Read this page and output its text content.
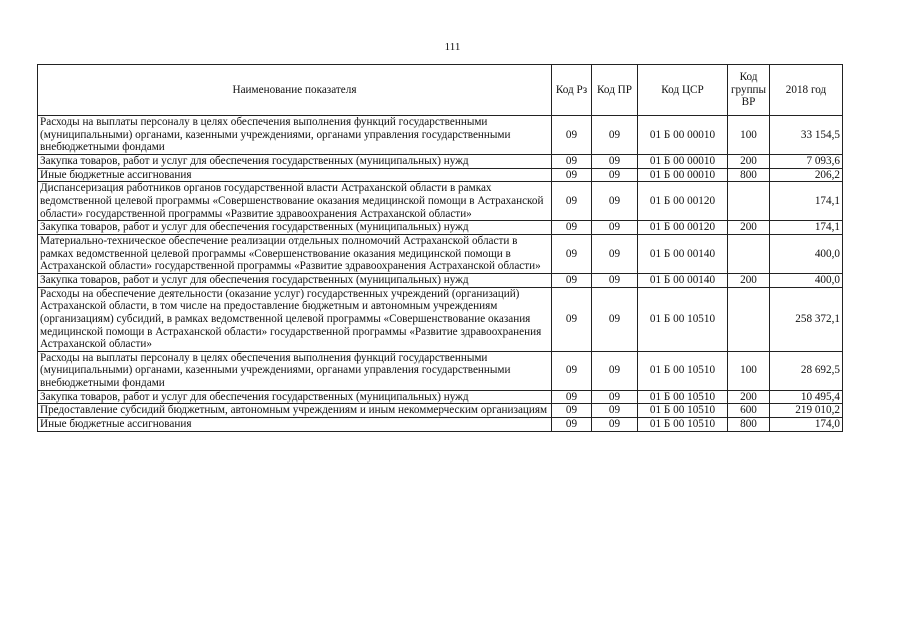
111
Наименование показателя	Код Рз	Код ПР	Код ЦСР	Код группы ВР	2018 год
Расходы на выплаты персоналу в целях обеспечения выполнения функций государственными (муниципальными) органами, казенными учреждениями, органами управления государственными внебюджетными фондами	09	09	01 Б 00 00010	100	33 154,5
Закупка товаров, работ и услуг для обеспечения государственных (муниципальных) нужд	09	09	01 Б 00 00010	200	7 093,6
Иные бюджетные ассигнования	09	09	01 Б 00 00010	800	206,2
Диспансеризация работников органов государственной власти Астраханской области в рамках ведомственной целевой программы «Совершенствование оказания медицинской помощи в Астраханской области» государственной программы «Развитие здравоохранения Астраханской области»	09	09	01 Б 00 00120		174,1
Закупка товаров, работ и услуг для обеспечения государственных (муниципальных) нужд	09	09	01 Б 00 00120	200	174,1
Материально-техническое обеспечение реализации отдельных полномочий Астраханской области в рамках ведомственной целевой программы «Совершенствование оказания медицинской помощи в Астраханской области» государственной программы «Развитие здравоохранения Астраханской области»	09	09	01 Б 00 00140		400,0
Закупка товаров, работ и услуг для обеспечения государственных (муниципальных) нужд	09	09	01 Б 00 00140	200	400,0
Расходы на обеспечение деятельности (оказание услуг) государственных учреждений (организаций) Астраханской области, в том числе на предоставление бюджетным и автономным учреждениям (организациям) субсидий, в рамках ведомственной целевой программы «Совершенствование оказания медицинской помощи в Астраханской области» государственной программы «Развитие здравоохранения Астраханской области»	09	09	01 Б 00 10510		258 372,1
Расходы на выплаты персоналу в целях обеспечения выполнения функций государственными (муниципальными) органами, казенными учреждениями, органами управления государственными внебюджетными фондами	09	09	01 Б 00 10510	100	28 692,5
Закупка товаров, работ и услуг для обеспечения государственных (муниципальных) нужд	09	09	01 Б 00 10510	200	10 495,4
Предоставление субсидий бюджетным, автономным учреждениям и иным некоммерческим организациям	09	09	01 Б 00 10510	600	219 010,2
Иные бюджетные ассигнования	09	09	01 Б 00 10510	800	174,0
